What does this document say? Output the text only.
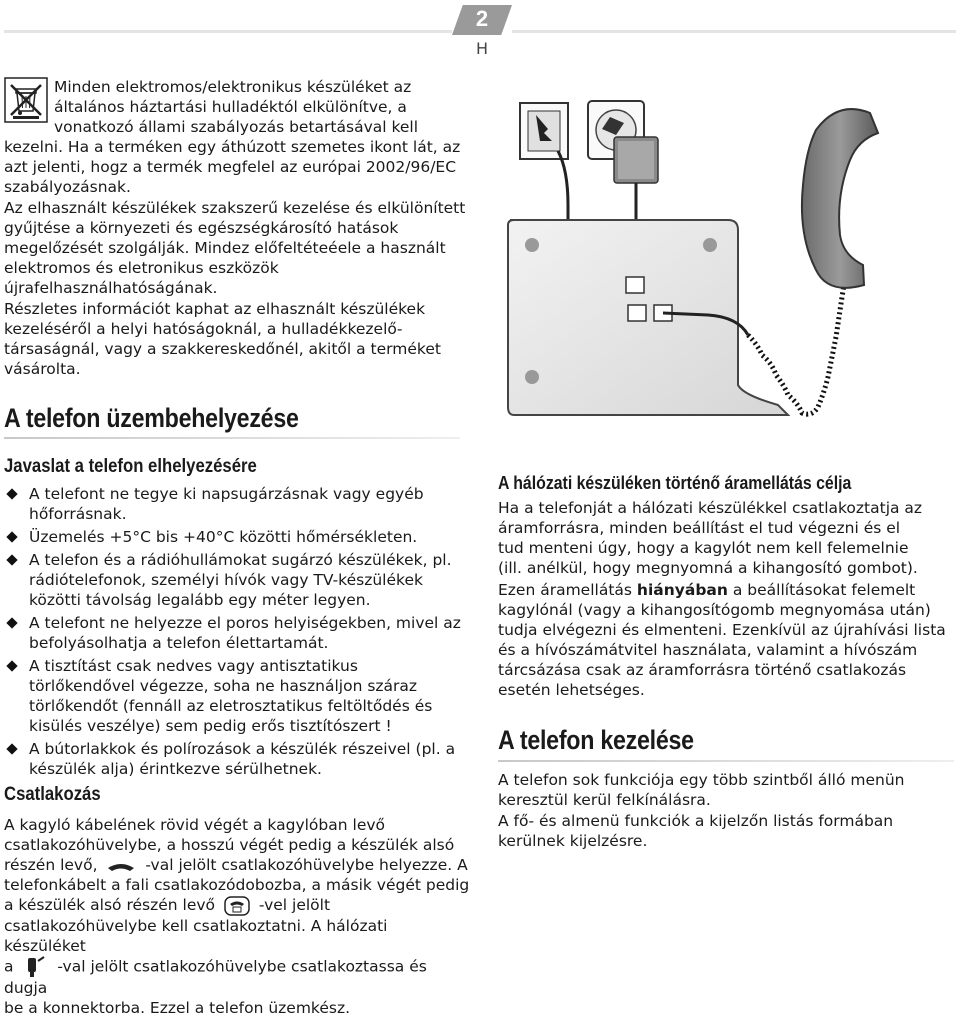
2
H
Minden elektromos/elektronikus készüléket az
általános háztartási hulladéktól elkülönítve, a
vonatkozó állami szabályozás betartásával kell
kezelni. Ha a terméken egy áthúzott szemetes ikont lát, az
azt jelenti, hogz a termék megfelel az európai 2002/96/EC
szabályozásnak.
Az elhasznált készülékek szakszerű kezelése és elkülönített gyűjtése a környezeti és egészségkárosító hatások megelőzését szolgálják. Mindez előfeltéteéele a használt elektromos és eletronikus eszközök újrafelhasználhatóságának.
Részletes információt kaphat az elhasznált készülékek
kezeléséről a helyi hatóságoknál, a hulladékkezelő-
társaságnál, vagy a szakkereskedőnél, akitől a terméket
vásárolta.
A telefon üzembehelyezése
Javaslat a telefon elhelyezésére
A telefont ne tegye ki napsugárzásnak vagy egyéb hőforrásnak.
Üzemelés +5°C bis +40°C közötti hőmérsékleten.
A telefon és a rádióhullámokat sugárzó készülékek, pl. rádiótelefonok, személyi hívók vagy TV-készülékek közötti távolság legalább egy méter legyen.
A telefont ne helyezze el poros helyiségekben, mivel az befolyásolhatja a telefon élettartamát.
A tisztítást csak nedves vagy antisztatikus törlőkendővel végezze, soha ne használjon száraz törlőkendőt (fennáll az eletrosztatikus feltöltődés és kisülés veszélye) sem pedig erős tisztítószert !
A bútorlakkok és polírozások a készülék részeivel (pl. a készülék alja) érintkezve sérülhetnek.
Csatlakozás
A kagyló kábelének rövid végét a kagylóban levő
csatlakozóhüvelybe, a hosszú végét pedig a készülék alsó
részén levő,	-val jelölt csatlakozóhüvelybe helyezze. A
telefonkábelt a fali csatlakozódobozba, a másik végét pedig
a készülék alsó részén levő	-vel jelölt
csatlakozóhüvelybe kell csatlakoztatni. A hálózati készüléket
a	-val jelölt csatlakozóhüvelybe csatlakoztassa és dugja
be a konnektorba. Ezzel a telefon üzemkész.
A hálózati készüléken történő áramellátás célja
Ha a telefonját a hálózati készülékkel csatlakoztatja az áramforrásra, minden beállítást el tud végezni és el tud menteni úgy, hogy a kagylót nem kell felemelnie (ill. anélkül, hogy megnyomná a kihangosító gombot).
Ezen áramellátás hiányában a beállításokat felemelt kagylónál (vagy a kihangosítógomb megnyomása után) tudja elvégezni és elmenteni. Ezenkívül az újrahívási lista és a hívószámátvitel használata, valamint a hívószám tárcsázása csak az áramforrásra történő csatlakozás esetén lehetséges.
A telefon kezelése
A telefon sok funkciója egy több szintből álló menün keresztül kerül felkínálásra.
A fő- és almenü funkciók a kijelzőn listás formában kerülnek kijelzésre.
